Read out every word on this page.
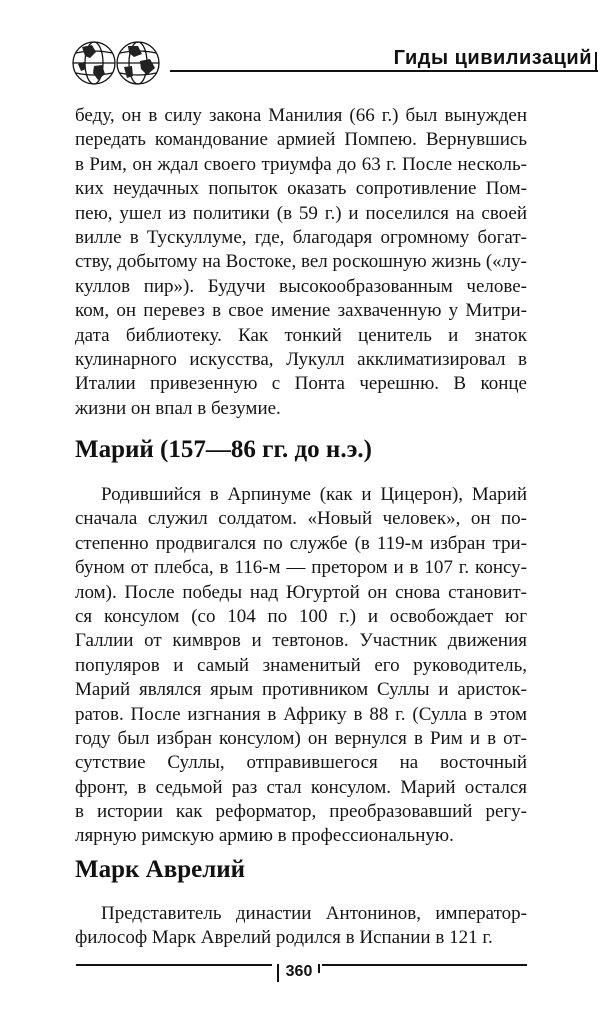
Гиды цивилизаций
беду, он в силу закона Манилия (66 г.) был вынужден
передать командование армией Помпею. Вернувшись
в Рим, он ждал своего триумфа до 63 г. После несколь-
ких неудачных попыток оказать сопротивление Пом-
пею, ушел из политики (в 59 г.) и поселился на своей
вилле в Тускуллуме, где, благодаря огромному богат-
ству, добытому на Востоке, вел роскошную жизнь («лу-
куллов пир»). Будучи высокообразованным челове-
ком, он перевез в свое имение захваченную у Митри-
дата библиотеку. Как тонкий ценитель и знаток
кулинарного искусства, Лукулл акклиматизировал в
Италии привезенную с Понта черешню. В конце
жизни он впал в безумие.
Марий (157—86 гг. до н.э.)
Родившийся в Арпинуме (как и Цицерон), Марий
сначала служил солдатом. «Новый человек», он по-
степенно продвигался по службе (в 119-м избран три-
буном от плебса, в 116-м — претором и в 107 г. консу-
лом). После победы над Югуртой он снова становит-
ся консулом (со 104 по 100 г.) и освобождает юг
Галлии от кимвров и тевтонов. Участник движения
популяров и самый знаменитый его руководитель,
Марий являлся ярым противником Суллы и аристок-
ратов. После изгнания в Африку в 88 г. (Сулла в этом
году был избран консулом) он вернулся в Рим и в от-
сутствие Суллы, отправившегося на восточный
фронт, в седьмой раз стал консулом. Марий остался
в истории как реформатор, преобразовавший регу-
лярную римскую армию в профессиональную.
Марк Аврелий
Представитель династии Антонинов, император-
философ Марк Аврелий родился в Испании в 121 г.
360
